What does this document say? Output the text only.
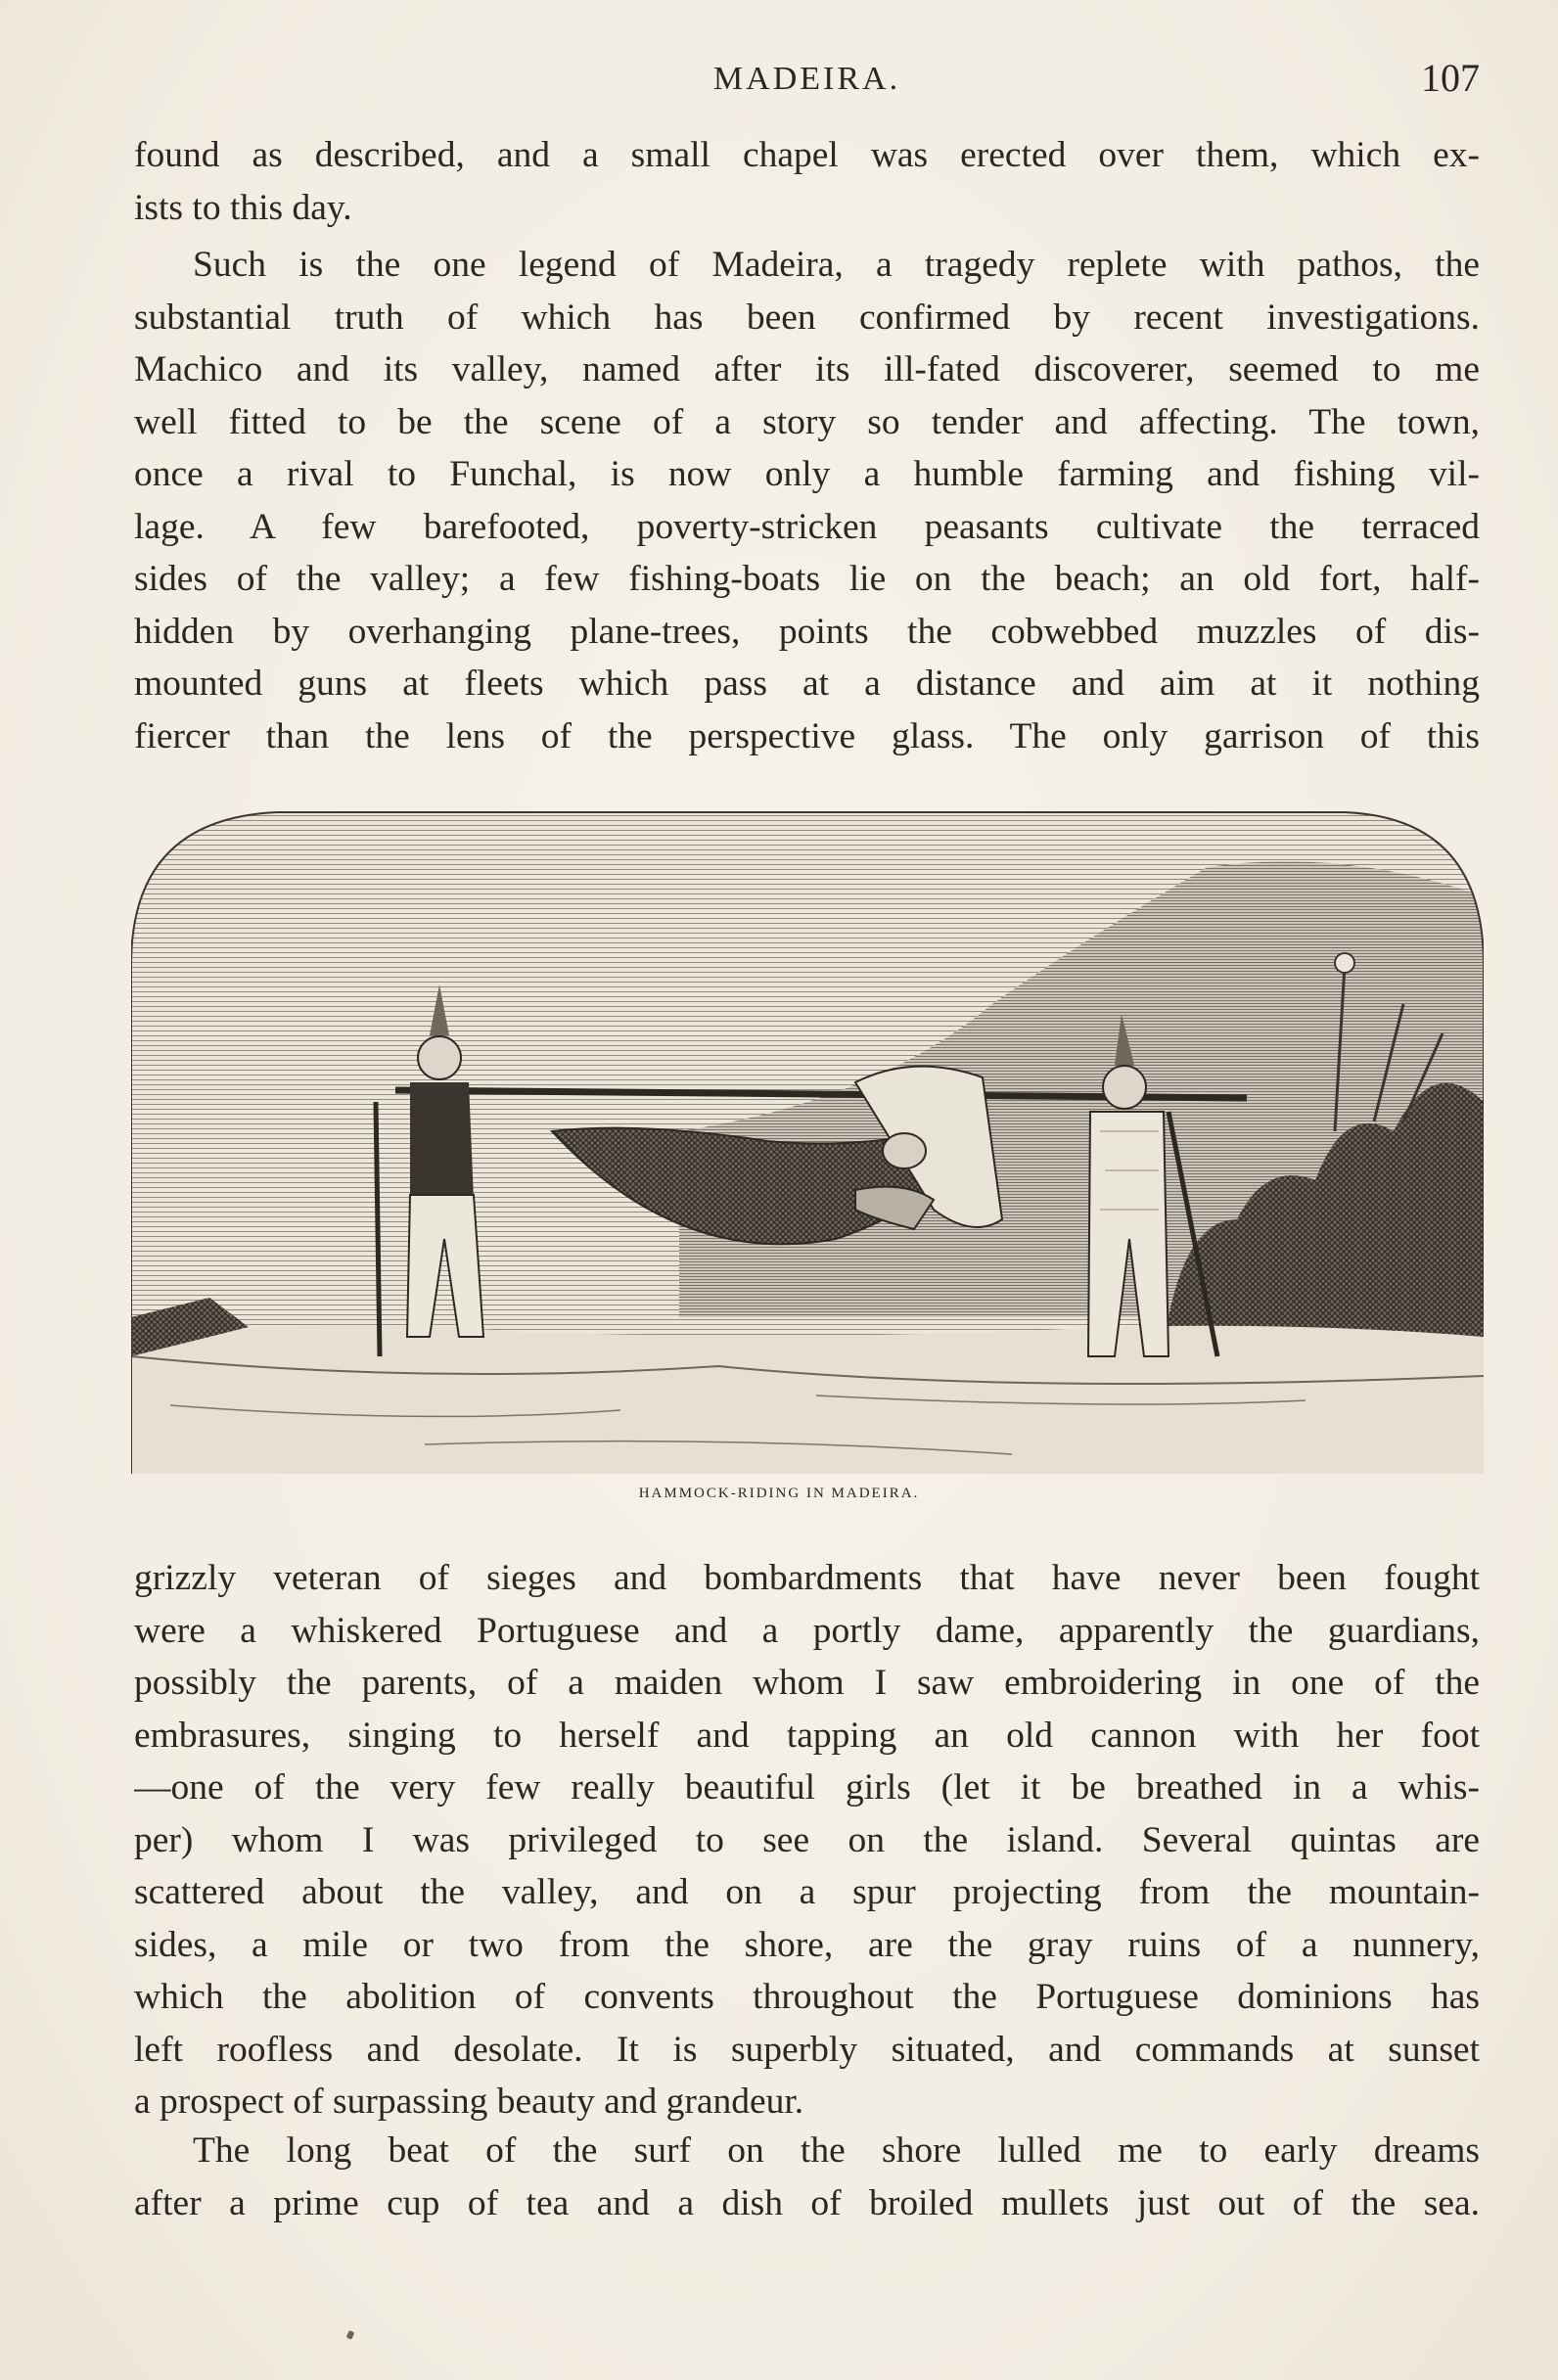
MADEIRA.	107
found as described, and a small chapel was erected over them, which ex-
ists to this day.
Such is the one legend of Madeira, a tragedy replete with pathos, the
substantial truth of which has been confirmed by recent investigations.
Machico and its valley, named after its ill-fated discoverer, seemed to me
well fitted to be the scene of a story so tender and affecting. The town,
once a rival to Funchal, is now only a humble farming and fishing vil-
lage. A few barefooted, poverty-stricken peasants cultivate the terraced
sides of the valley; a few fishing-boats lie on the beach; an old fort, half-
hidden by overhanging plane-trees, points the cobwebbed muzzles of dis-
mounted guns at fleets which pass at a distance and aim at it nothing
fiercer than the lens of the perspective glass. The only garrison of this
HAMMOCK-RIDING IN MADEIRA.
grizzly veteran of sieges and bombardments that have never been fought
were a whiskered Portuguese and a portly dame, apparently the guardians,
possibly the parents, of a maiden whom I saw embroidering in one of the
embrasures, singing to herself and tapping an old cannon with her foot
—one of the very few really beautiful girls (let it be breathed in a whis-
per) whom I was privileged to see on the island. Several quintas are
scattered about the valley, and on a spur projecting from the mountain-
sides, a mile or two from the shore, are the gray ruins of a nunnery,
which the abolition of convents throughout the Portuguese dominions has
left roofless and desolate. It is superbly situated, and commands at sunset
a prospect of surpassing beauty and grandeur.
The long beat of the surf on the shore lulled me to early dreams
after a prime cup of tea and a dish of broiled mullets just out of the sea.
